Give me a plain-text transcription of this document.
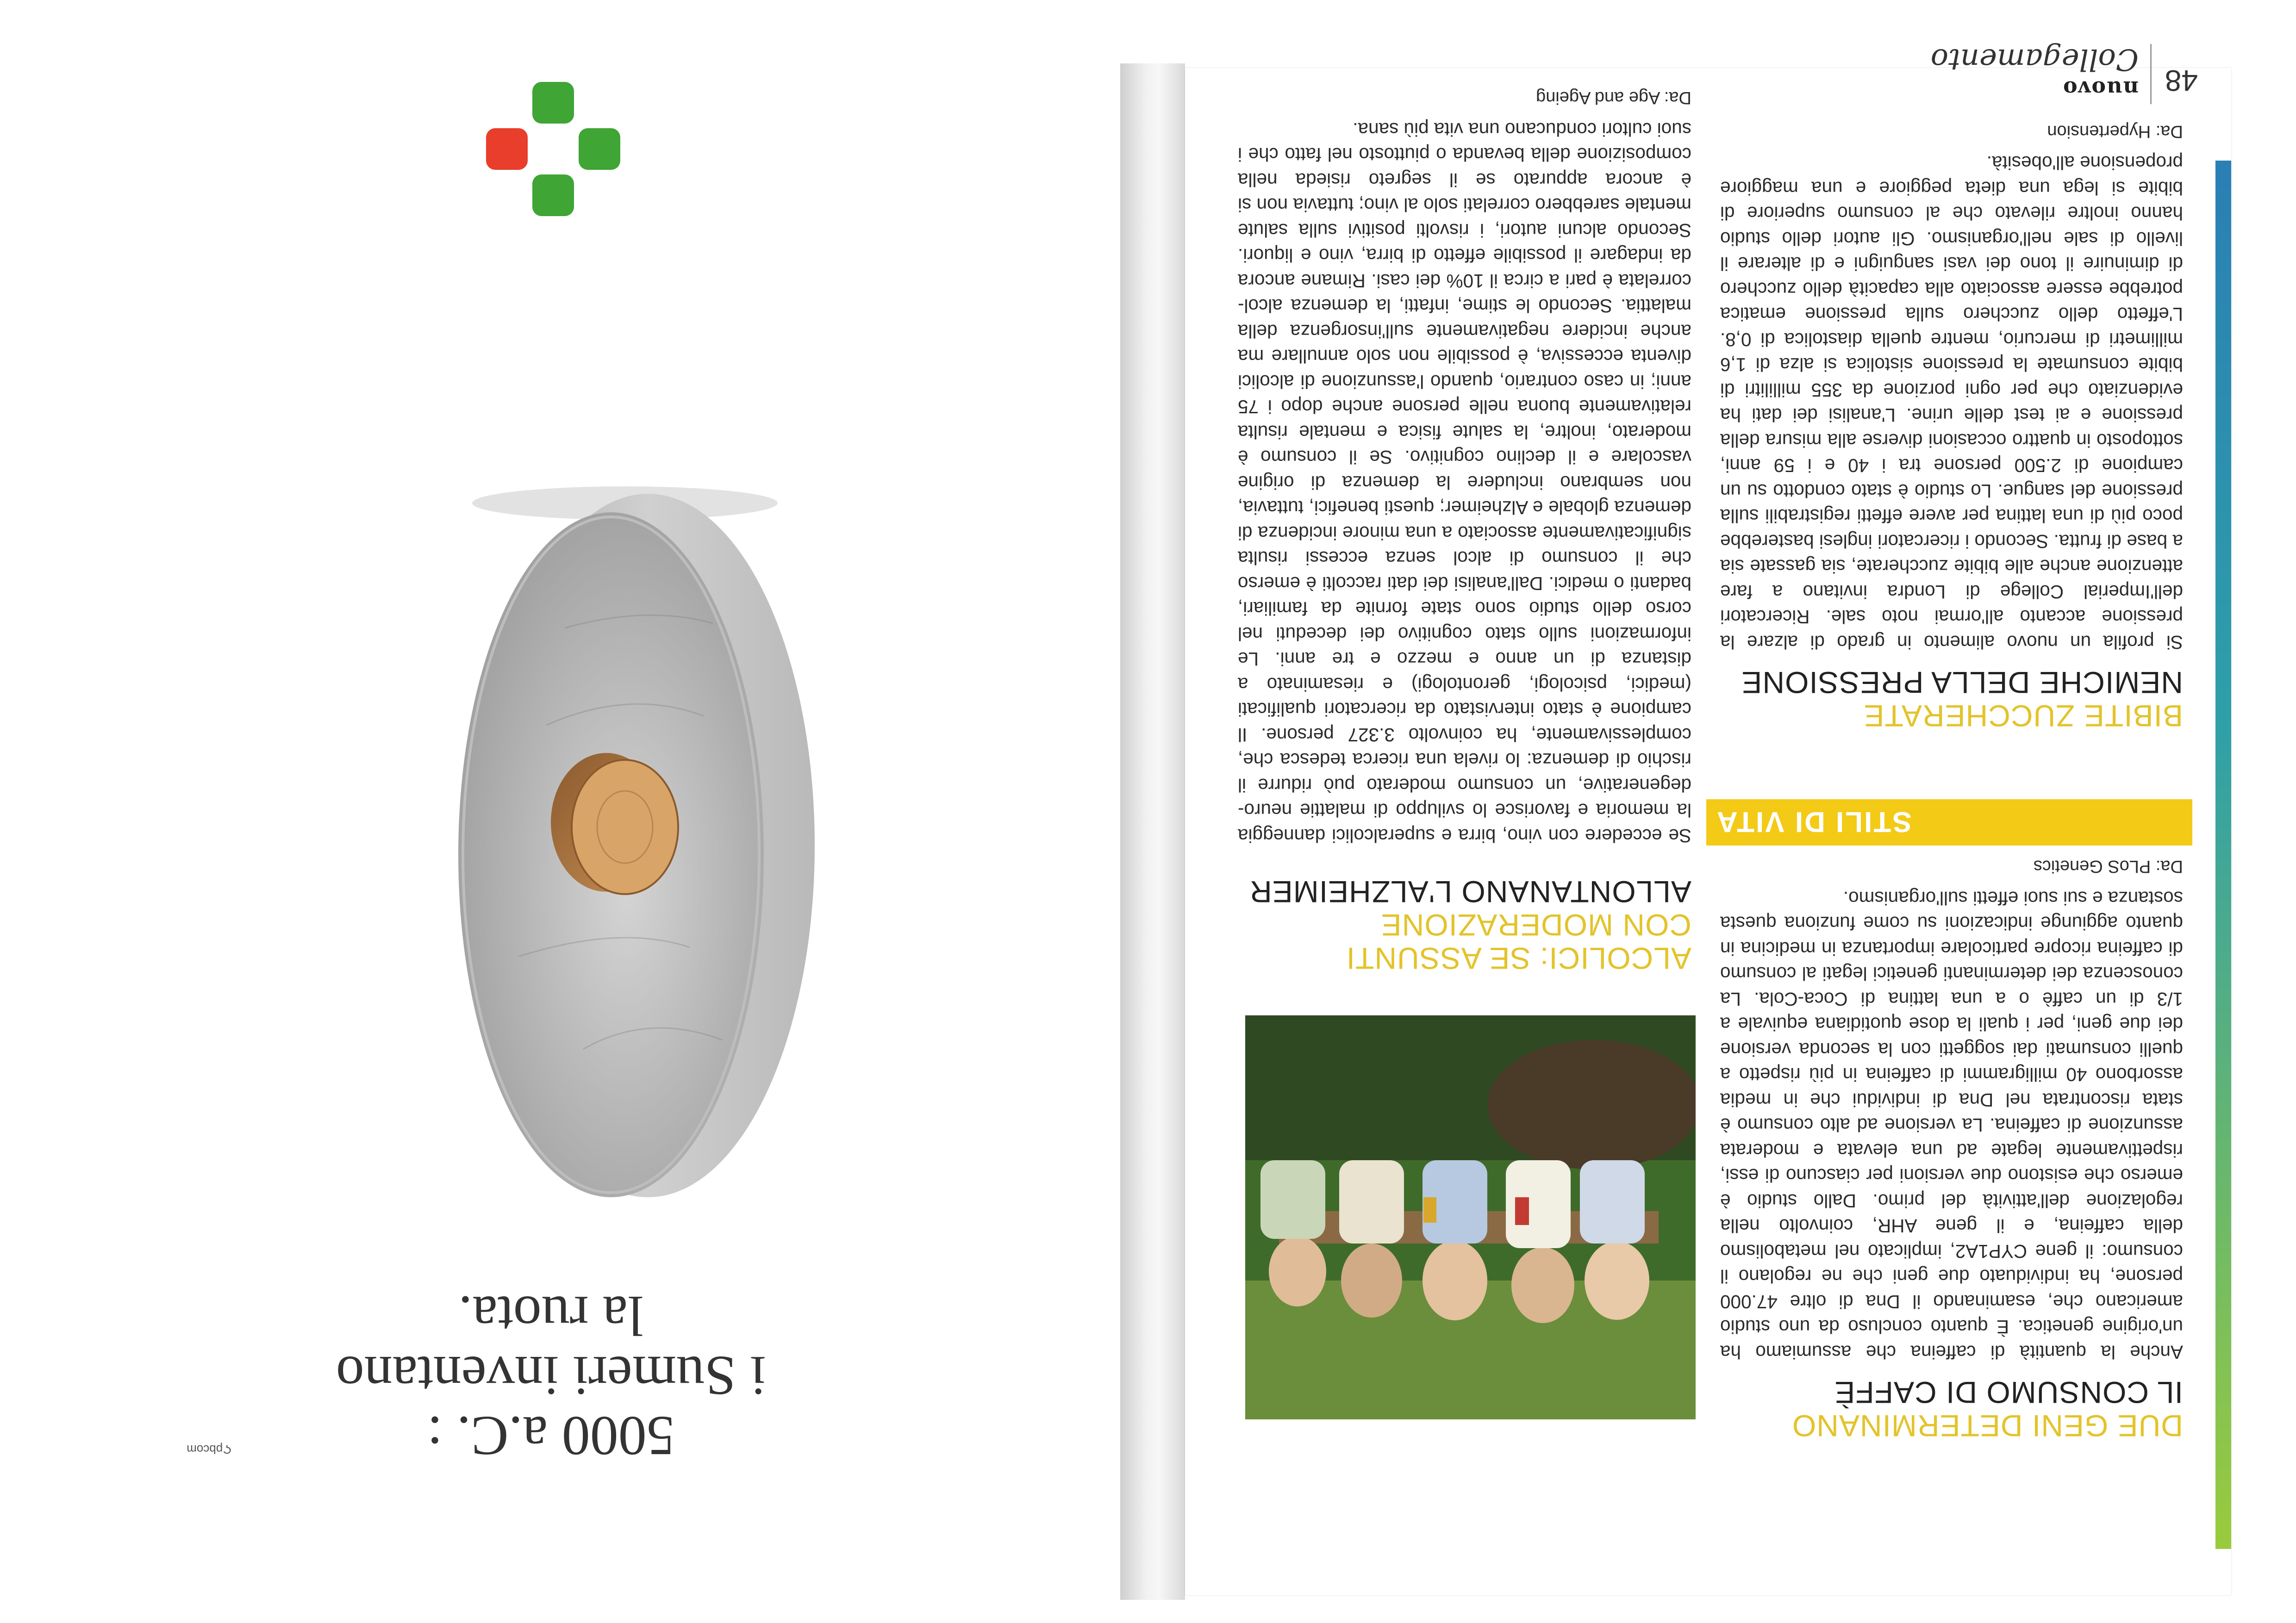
48
nuovo Collegamento
DUE GENI DETERMINANO
IL CONSUMO DI CAFFÈ

Anche la quantità di caffeina che assumiamo ha un'origine genetica. È quanto concluso da uno studio americano che, esaminando il Dna di oltre 47.000 persone, ha individuato due geni che ne regolano il consumo: il gene CYP1A2, implicato nel metabolismo della caffeina, e il gene AHR, coinvolto nella regolazione dell'attività del primo. Dallo studio è emerso che esistono due versioni per ciascuno di essi, rispettivamente legate ad una elevata e moderata assunzione di caffeina. La versione ad alto consumo è stata riscontrata nel Dna di individui che in media assorbono 40 milligrammi di caffeina in più rispetto a quelli consumati dai soggetti con la seconda versione dei due geni, per i quali la dose quotidiana equivale a 1/3 di un caffè o a una lattina di Coca-Cola. La conoscenza dei determinanti genetici legati al consumo di caffeina ricopre particolare importanza in medicina in quanto aggiunge indicazioni su come funziona questa sostanza e sui suoi effetti sull'organismo.

Da: PLoS Genetics
BIBITE ZUCCHERATE
NEMICHE DELLA PRESSIONE

Si profila un nuovo alimento in grado di alzare la pressione accanto all'ormai noto sale. Ricercatori dell'Imperial College di Londra invitano a fare attenzione anche alle bibite zuccherate, sia gassate sia a base di frutta. Secondo i ricercatori inglesi basterebbe poco più di una lattina per avere effetti registrabili sulla pressione del sangue. Lo studio è stato condotto su un campione di 2.500 persone tra i 40 e i 59 anni, sottoposto in quattro occasioni diverse alla misura della pressione e ai test delle urine. L'analisi dei dati ha evidenziato che per ogni porzione da 355 millilitri di bibite consumate la pressione sistolica si alza di 1,6 millimetri di mercurio, mentre quella diastolica di 0,8. L'effetto dello zucchero sulla pressione ematica potrebbe essere associato alla capacità dello zucchero di diminuire il tono dei vasi sanguigni e di alterare il livello di sale nell'organismo. Gli autori dello studio hanno inoltre rilevato che al consumo superiore di bibite si lega una dieta peggiore e una maggiore propensione all'obesità.

Da: Hypertension
STILI DI VITA
ALCOLICI: SE ASSUNTI
CON MODERAZIONE
ALLONTANANO L'ALZHEIMER

Se eccedere con vino, birra e superalcolici danneggia la memoria e favorisce lo sviluppo di malattie neuro-degenerative, un consumo moderato può ridurre il rischio di demenza: lo rivela una ricerca tedesca che, complessivamente, ha coinvolto 3.327 persone. Il campione è stato intervistato da ricercatori qualificati (medici, psicologi, gerontologi) e riesaminato a distanza di un anno e mezzo e tre anni. Le informazioni sullo stato cognitivo dei deceduti nel corso dello studio sono state fornite da familiari, badanti o medici. Dall'analisi dei dati raccolti è emerso che il consumo di alcol senza eccessi risulta significativamente associato a una minore incidenza di demenza globale e Alzheimer; questi benefici, tuttavia, non sembrano includere la demenza di origine vascolare e il declino cognitivo. Se il consumo è moderato, inoltre, la salute fisica e mentale risulta relativamente buona nelle persone anche dopo i 75 anni; in caso contrario, quando l'assunzione di alcolici diventa eccessiva, è possibile non solo annullare ma anche incidere negativamente sull'insorgenza della malattia. Secondo le stime, infatti, la demenza alcol-correlata è pari a circa il 10% dei casi. Rimane ancora da indagare il possibile effetto di birra, vino e liquori. Secondo alcuni autori, i risvolti positivi sulla salute mentale sarebbero correlati solo al vino; tuttavia non si è ancora appurato se il segreto risieda nella composizione della bevanda o piuttosto nel fatto che i suoi cultori conducano una vita più sana.

Da: Age and Ageing
5000 a.C. :
i Sumeri inventano
la ruota.
Ϛpbcom
